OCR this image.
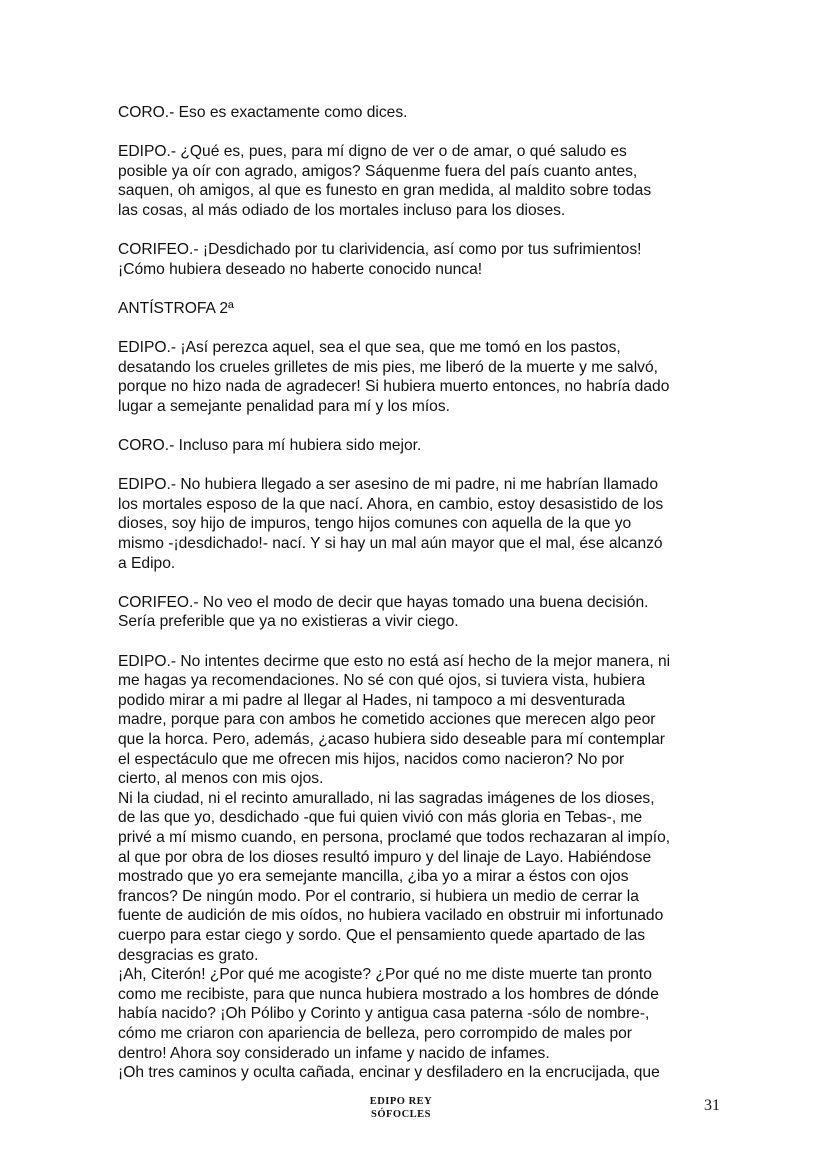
CORO.- Eso es exactamente como dices.
EDIPO.- ¿Qué es, pues, para mí digno de ver o de amar, o qué saludo es
posible ya oír con agrado, amigos? Sáquenme fuera del país cuanto antes,
saquen, oh amigos, al que es funesto en gran medida, al maldito sobre todas
las cosas, al más odiado de los mortales incluso para los dioses.
CORIFEO.- ¡Desdichado por tu clarividencia, así como por tus sufrimientos!
¡Cómo hubiera deseado no haberte conocido nunca!
ANTÍSTROFA 2ª
EDIPO.- ¡Así perezca aquel, sea el que sea, que me tomó en los pastos,
desatando los crueles grilletes de mis pies, me liberó de la muerte y me salvó,
porque no hizo nada de agradecer! Si hubiera muerto entonces, no habría dado
lugar a semejante penalidad para mí y los míos.
CORO.- Incluso para mí hubiera sido mejor.
EDIPO.- No hubiera llegado a ser asesino de mi padre, ni me habrían llamado
los mortales esposo de la que nací. Ahora, en cambio, estoy desasistido de los
dioses, soy hijo de impuros, tengo hijos comunes con aquella de la que yo
mismo -¡desdichado!- nací. Y si hay un mal aún mayor que el mal, ése alcanzó
a Edipo.
CORIFEO.- No veo el modo de decir que hayas tomado una buena decisión.
Sería preferible que ya no existieras a vivir ciego.
EDIPO.- No intentes decirme que esto no está así hecho de la mejor manera, ni
me hagas ya recomendaciones. No sé con qué ojos, si tuviera vista, hubiera
podido mirar a mi padre al llegar al Hades, ni tampoco a mi desventurada
madre, porque para con ambos he cometido acciones que merecen algo peor
que la horca. Pero, además, ¿acaso hubiera sido deseable para mí contemplar
el espectáculo que me ofrecen mis hijos, nacidos como nacieron? No por
cierto, al menos con mis ojos.
Ni la ciudad, ni el recinto amurallado, ni las sagradas imágenes de los dioses,
de las que yo, desdichado -que fui quien vivió con más gloria en Tebas-, me
privé a mí mismo cuando, en persona, proclamé que todos rechazaran al impío,
al que por obra de los dioses resultó impuro y del linaje de Layo. Habiéndose
mostrado que yo era semejante mancilla, ¿iba yo a mirar a éstos con ojos
francos? De ningún modo. Por el contrario, si hubiera un medio de cerrar la
fuente de audición de mis oídos, no hubiera vacilado en obstruir mi infortunado
cuerpo para estar ciego y sordo. Que el pensamiento quede apartado de las
desgracias es grato.
¡Ah, Citerón! ¿Por qué me acogiste? ¿Por qué no me diste muerte tan pronto
como me recibiste, para que nunca hubiera mostrado a los hombres de dónde
había nacido? ¡Oh Pólibo y Corinto y antigua casa paterna -sólo de nombre-,
cómo me criaron con apariencia de belleza, pero corrompido de males por
dentro! Ahora soy considerado un infame y nacido de infames.
¡Oh tres caminos y oculta cañada, encinar y desfiladero en la encrucijada, que
EDIPO REY
SÓFOCLES
31
